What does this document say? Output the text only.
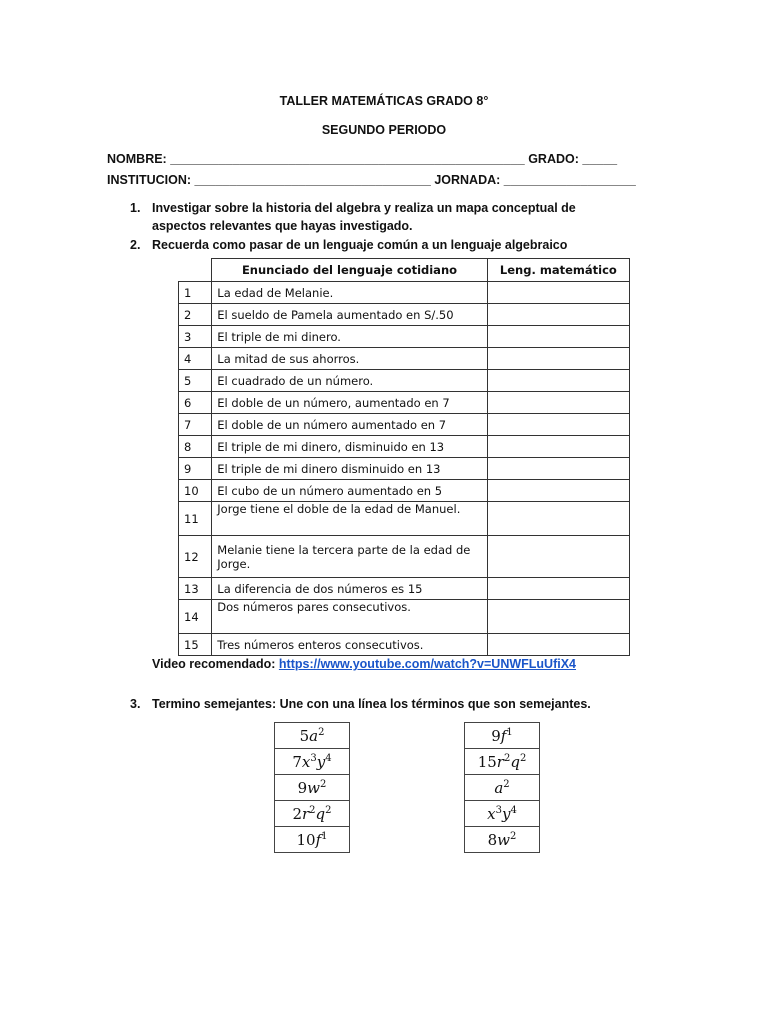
TALLER MATEMÁTICAS GRADO 8°
SEGUNDO PERIODO
NOMBRE: ___________________________________________________ GRADO: _____
INSTITUCION: __________________________________ JORNADA: ___________________
1. Investigar sobre la historia del algebra y realiza un mapa conceptual de aspectos relevantes que hayas investigado.
2. Recuerda como pasar de un lenguaje común a un lenguaje algebraico
	Enunciado del lenguaje cotidiano	Leng. matemático
1	La edad de Melanie.	
2	El sueldo de Pamela aumentado en S/.50	
3	El triple de mi dinero.	
4	La mitad de sus ahorros.	
5	El cuadrado de un número.	
6	El doble de un número, aumentado en 7	
7	El doble de un número aumentado en 7	
8	El triple de mi dinero, disminuido en 13	
9	El triple de mi dinero disminuido en 13	
10	El cubo de un número aumentado en 5	
11	Jorge tiene el doble de la edad de Manuel.	
12	Melanie tiene la tercera parte de la edad de Jorge.	
13	La diferencia de dos números es 15	
14	Dos números pares consecutivos.	
15	Tres números enteros consecutivos.	
Video recomendado: https://www.youtube.com/watch?v=UNWFLuUfiX4
3. Termino semejantes: Une con una línea los términos que son semejantes.
$5a^2$
$7x^3y^4$
$9w^2$
$2r^2q^2$
$10f^1$
$9f^1$
$15r^2q^2$
$a^2$
$x^3y^4$
$8w^2$
